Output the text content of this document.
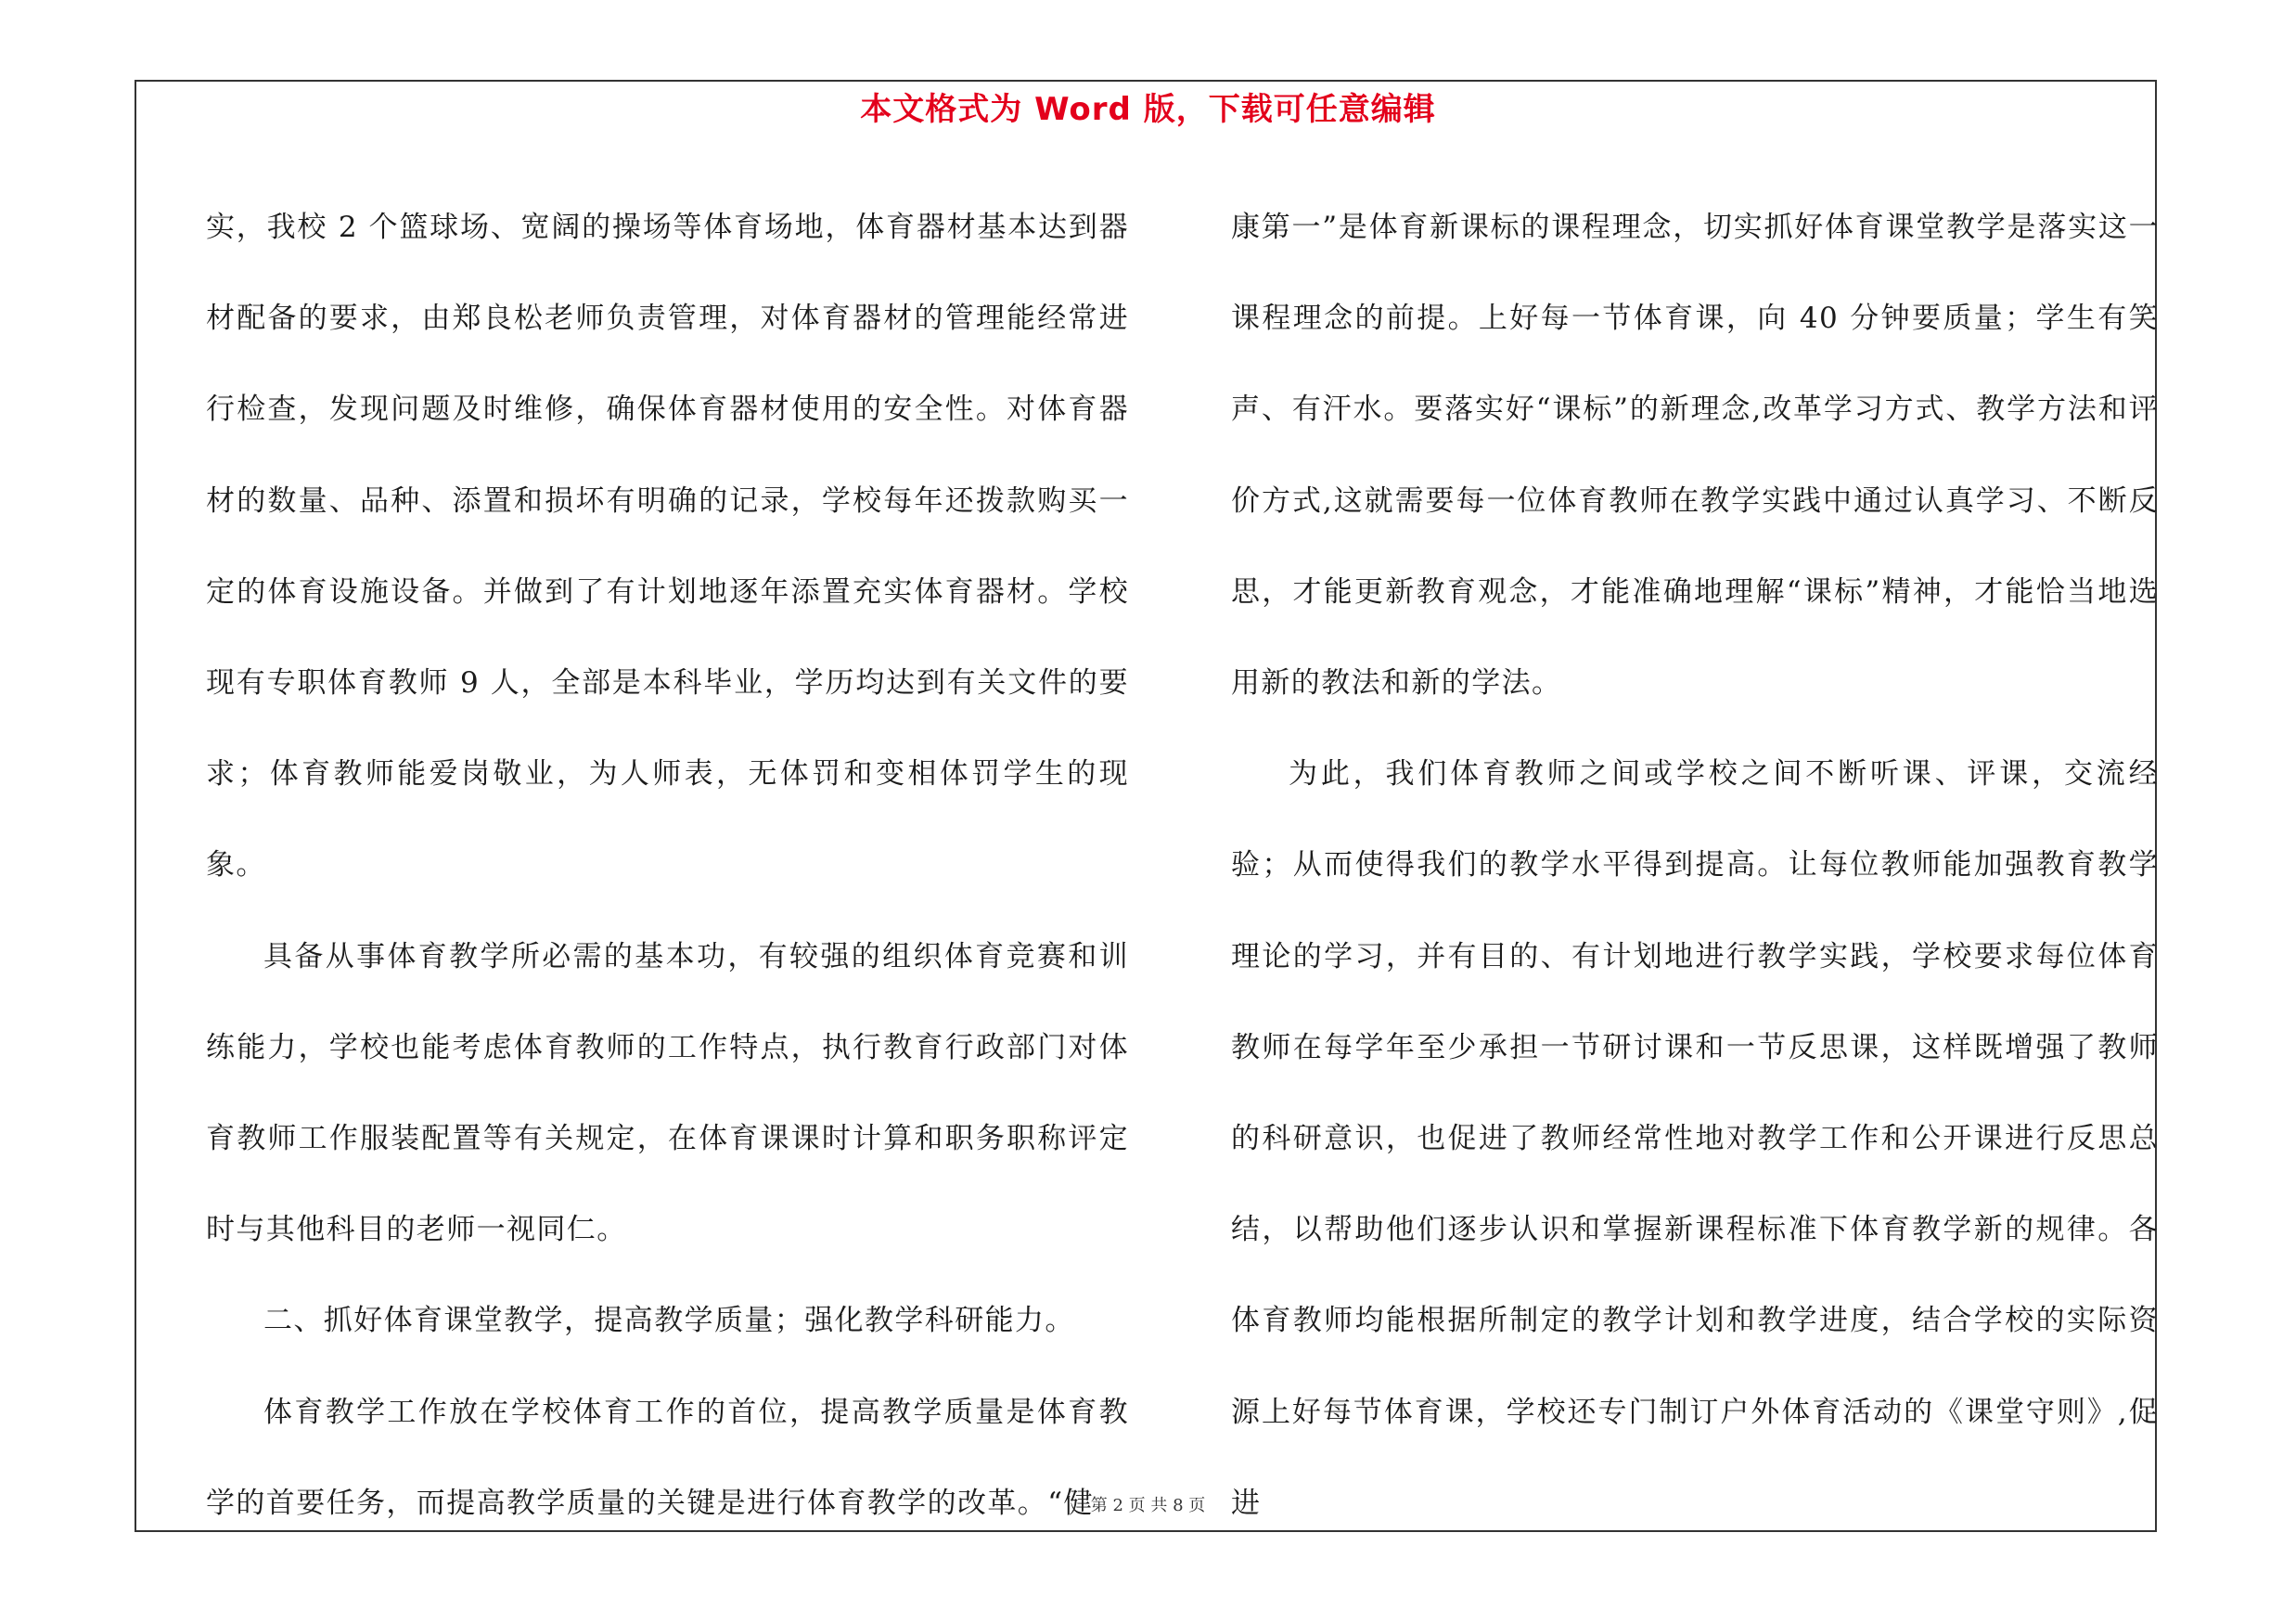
本文格式为 Word 版，下载可任意编辑

实，我校 2 个篮球场、宽阔的操场等体育场地，体育器材基本达到器材配备的要求，由郑良松老师负责管理，对体育器材的管理能经常进行检查，发现问题及时维修，确保体育器材使用的安全性。对体育器材的数量、品种、添置和损坏有明确的记录，学校每年还拨款购买一定的体育设施设备。并做到了有计划地逐年添置充实体育器材。学校现有专职体育教师 9 人，全部是本科毕业，学历均达到有关文件的要求；体育教师能爱岗敬业，为人师表，无体罚和变相体罚学生的现象。

具备从事体育教学所必需的基本功，有较强的组织体育竞赛和训练能力，学校也能考虑体育教师的工作特点，执行教育行政部门对体育教师工作服装配置等有关规定，在体育课课时计算和职务职称评定时与其他科目的老师一视同仁。

二、抓好体育课堂教学，提高教学质量；强化教学科研能力。

体育教学工作放在学校体育工作的首位，提高教学质量是体育教学的首要任务，而提高教学质量的关键是进行体育教学的改革。“健

康第一”是体育新课标的课程理念，切实抓好体育课堂教学是落实这一课程理念的前提。上好每一节体育课，向 40 分钟要质量；学生有笑声、有汗水。要落实好“课标”的新理念,改革学习方式、教学方法和评价方式,这就需要每一位体育教师在教学实践中通过认真学习、不断反思，才能更新教育观念，才能准确地理解“课标”精神，才能恰当地选用新的教法和新的学法。

为此，我们体育教师之间或学校之间不断听课、评课，交流经验；从而使得我们的教学水平得到提高。让每位教师能加强教育教学理论的学习，并有目的、有计划地进行教学实践，学校要求每位体育教师在每学年至少承担一节研讨课和一节反思课，这样既增强了教师的科研意识，也促进了教师经常性地对教学工作和公开课进行反思总结，以帮助他们逐步认识和掌握新课程标准下体育教学新的规律。各体育教师均能根据所制定的教学计划和教学进度，结合学校的实际资源上好每节体育课，学校还专门制订户外体育活动的《课堂守则》,促进

第 2 页 共 8 页
